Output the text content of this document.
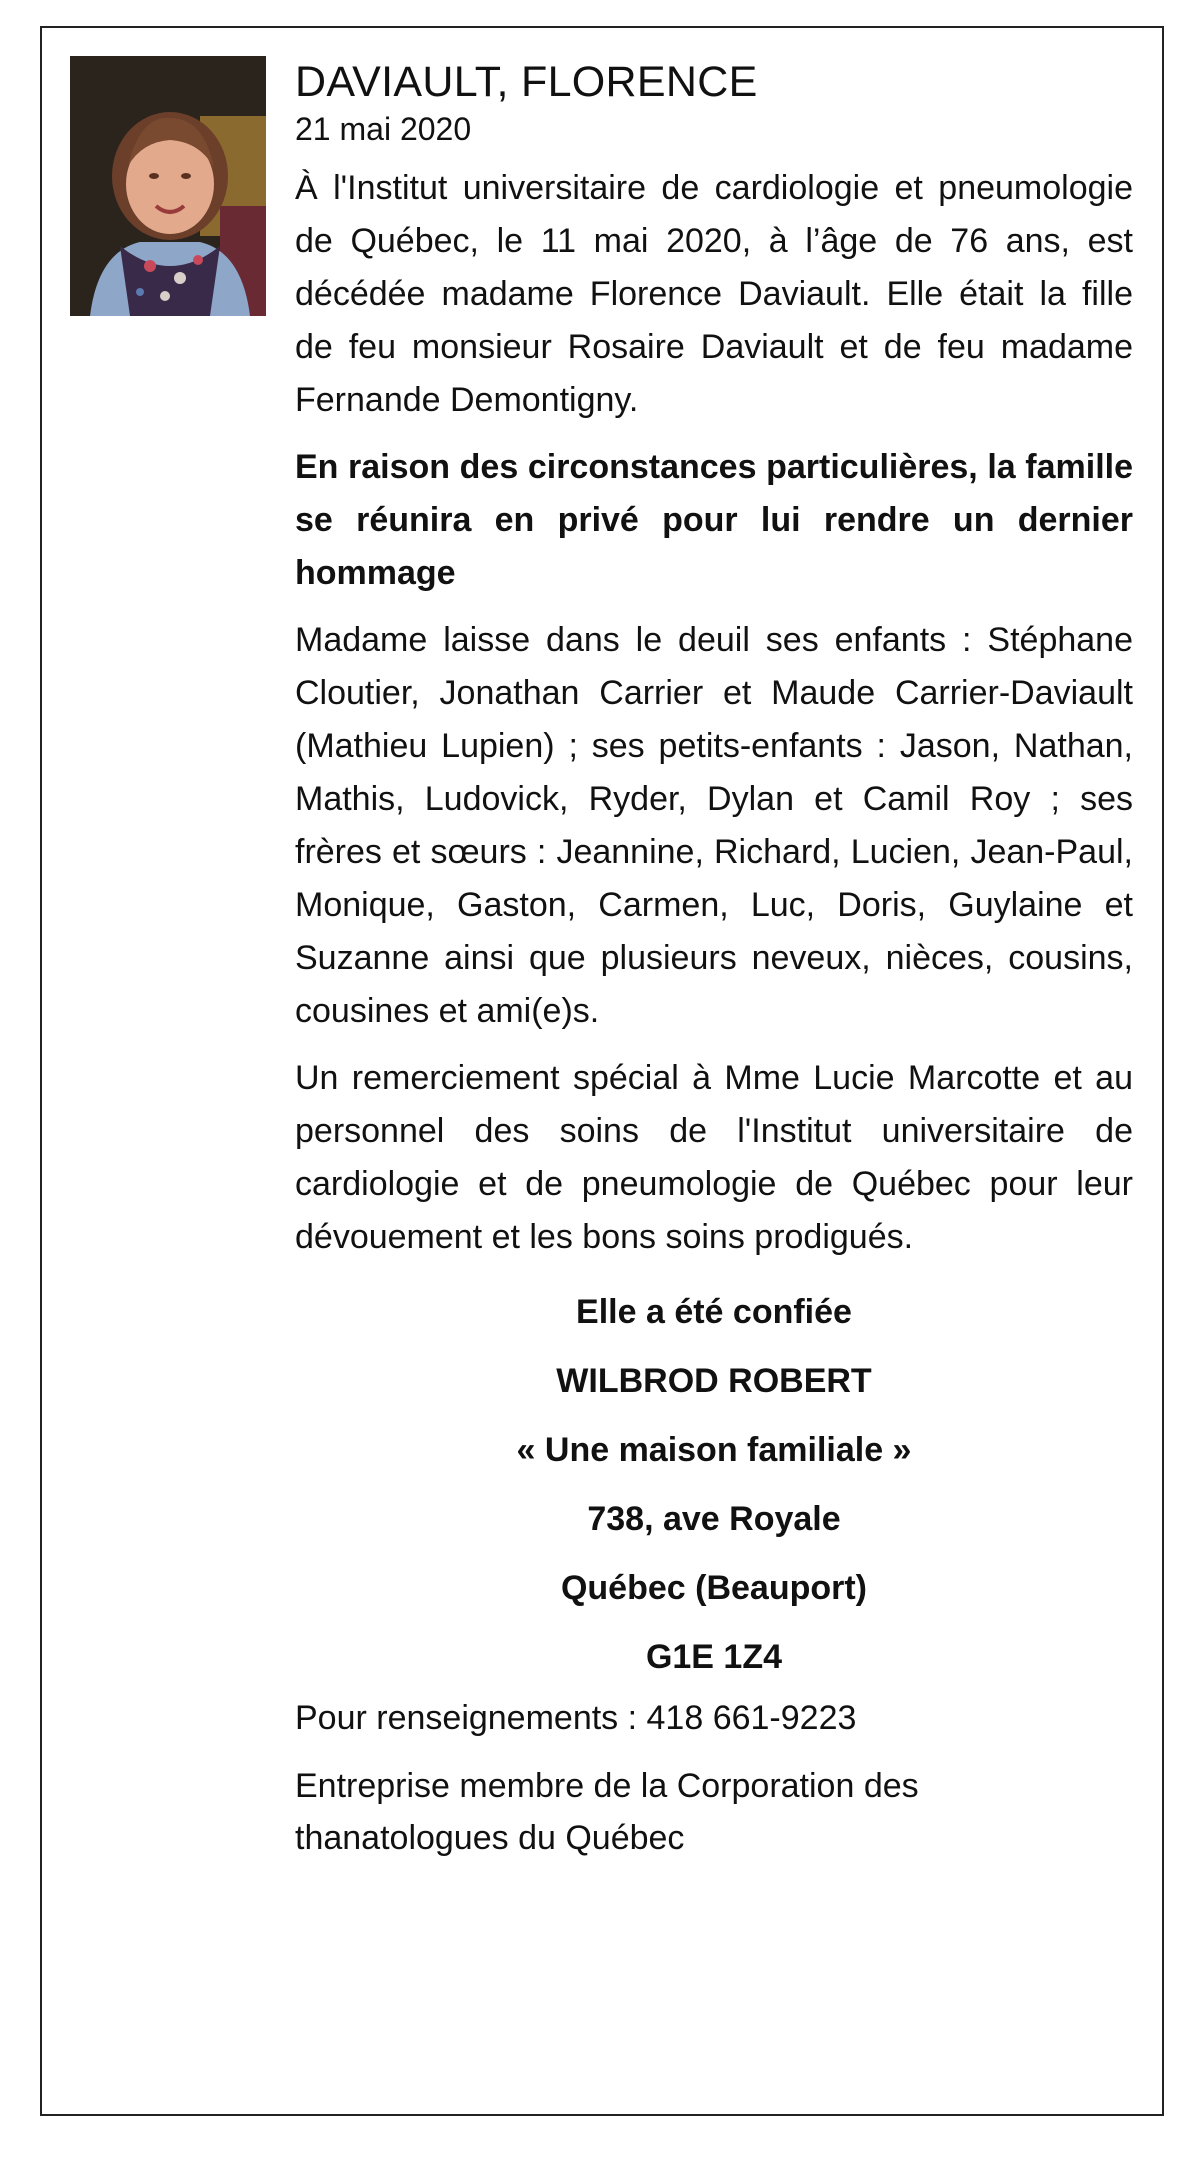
DAVIAULT, FLORENCE
21 mai 2020

À l'Institut universitaire de cardiologie et pneumologie de Québec, le 11 mai 2020, à l’âge de 76 ans, est décédée madame Florence Daviault. Elle était la fille de feu monsieur Rosaire Daviault et de feu madame Fernande Demontigny.

En raison des circonstances particulières, la famille se réunira en privé pour lui rendre un dernier hommage

Madame laisse dans le deuil ses enfants : Stéphane Cloutier, Jonathan Carrier et Maude Carrier-Daviault (Mathieu Lupien) ; ses petits-enfants : Jason, Nathan, Mathis, Ludovick, Ryder, Dylan et Camil Roy ; ses frères et sœurs : Jeannine, Richard, Lucien, Jean-Paul, Monique, Gaston, Carmen, Luc, Doris, Guylaine et Suzanne ainsi que plusieurs neveux, nièces, cousins, cousines et ami(e)s.

Un remerciement spécial à Mme Lucie Marcotte et au personnel des soins de l'Institut universitaire de cardiologie et de pneumologie de Québec pour leur dévouement et les bons soins prodigués.

Elle a été confiée

WILBROD ROBERT

« Une maison familiale »

738, ave Royale

Québec (Beauport)

G1E 1Z4

Pour renseignements : 418 661-9223

Entreprise membre de la Corporation des thanatologues du Québec
